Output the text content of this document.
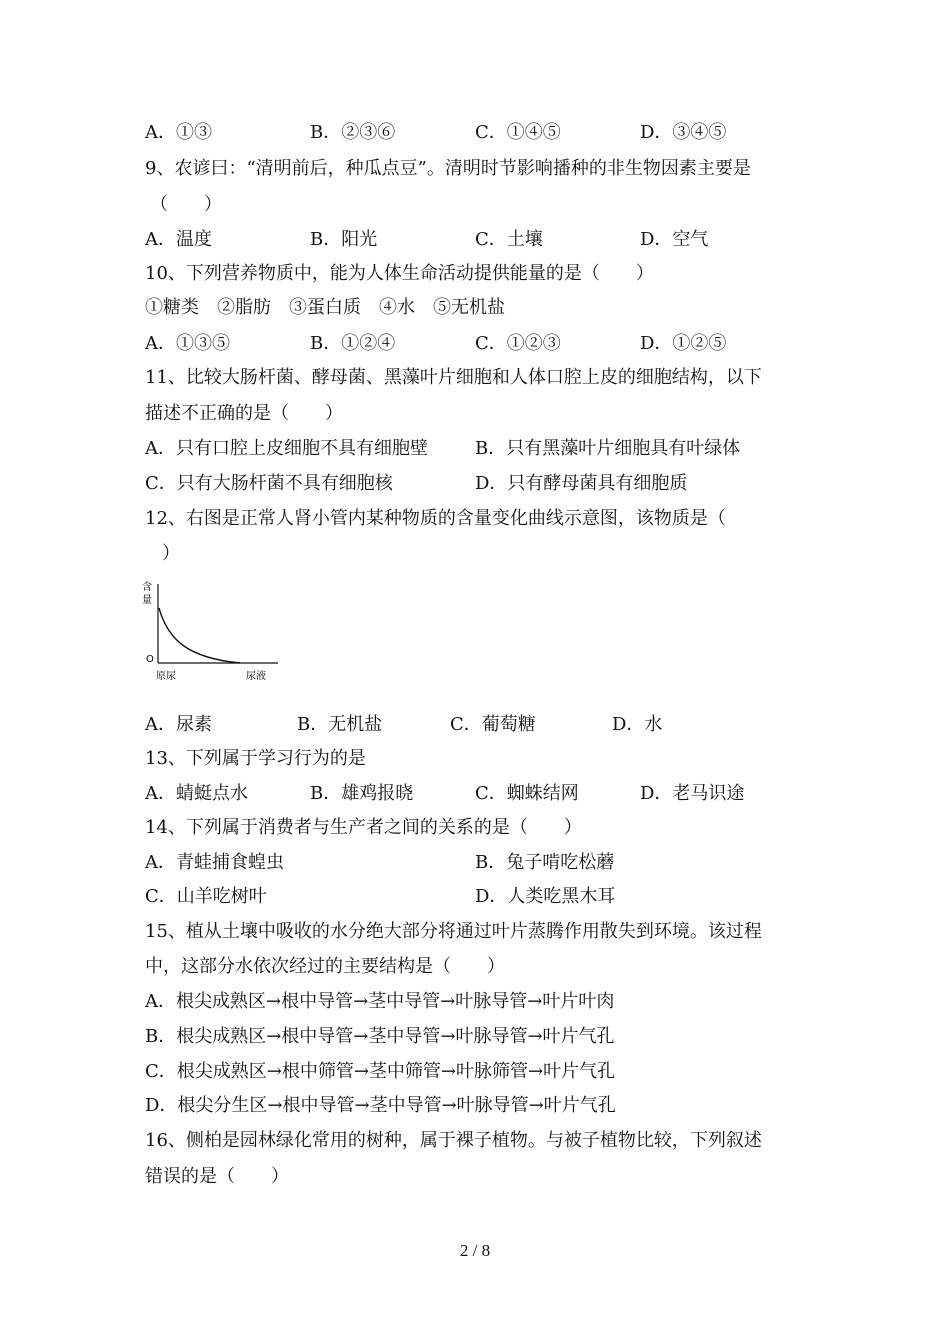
A．①③	B．②③⑥	C．①④⑤	D．③④⑤
9、农谚曰：“清明前后，种瓜点豆”。清明时节影响播种的非生物因素主要是
（　　）
A．温度	B．阳光	C．土壤	D．空气
10、下列营养物质中，能为人体生命活动提供能量的是（　　）
①糖类　②脂肪　③蛋白质　④水　⑤无机盐
A．①③⑤	B．①②④	C．①②③	D．①②⑤
11、比较大肠杆菌、酵母菌、黑藻叶片细胞和人体口腔上皮的细胞结构，以下
描述不正确的是（　　）
A．只有口腔上皮细胞不具有细胞壁	B．只有黑藻叶片细胞具有叶绿体
C．只有大肠杆菌不具有细胞核	D．只有酵母菌具有细胞质
12、右图是正常人肾小管内某种物质的含量变化曲线示意图，该物质是（
）
含
量
O
原尿	尿液
A．尿素	B．无机盐	C．葡萄糖	D．水
13、下列属于学习行为的是
A．蜻蜓点水	B．雄鸡报晓	C．蜘蛛结网	D．老马识途
14、下列属于消费者与生产者之间的关系的是（　　）
A．青蛙捕食蝗虫	B．兔子啃吃松蘑
C．山羊吃树叶	D．人类吃黑木耳
15、植从土壤中吸收的水分绝大部分将通过叶片蒸腾作用散失到环境。该过程
中，这部分水依次经过的主要结构是（　　）
A．根尖成熟区→根中导管→茎中导管→叶脉导管→叶片叶肉
B．根尖成熟区→根中导管→茎中导管→叶脉导管→叶片气孔
C．根尖成熟区→根中筛管→茎中筛管→叶脉筛管→叶片气孔
D．根尖分生区→根中导管→茎中导管→叶脉导管→叶片气孔
16、侧柏是园林绿化常用的树种，属于裸子植物。与被子植物比较，下列叙述
错误的是（　　）
2 / 8
